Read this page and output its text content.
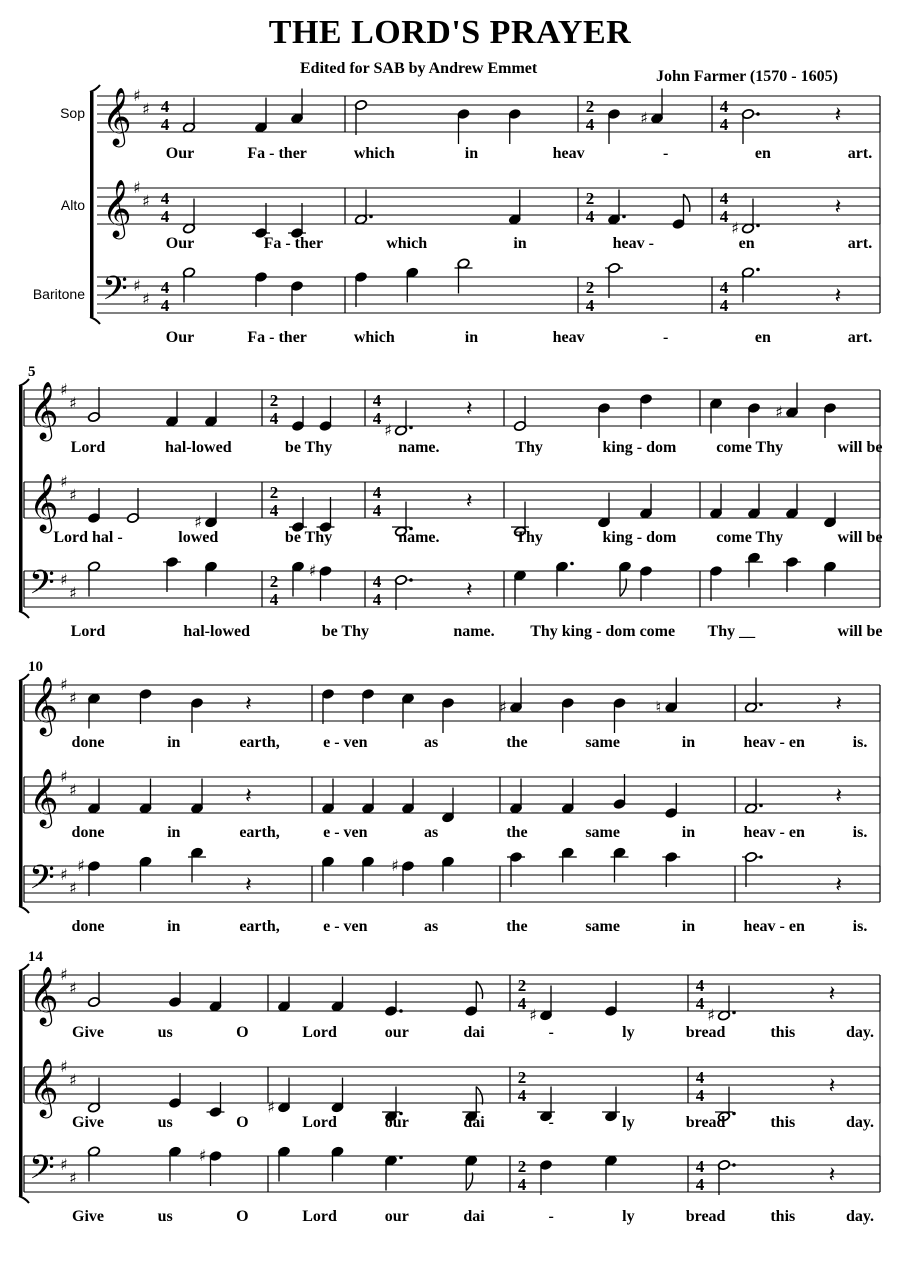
THE LORD'S PRAYER
Edited for SAB by Andrew Emmet	John Farmer (1570 - 1605)
Sop 𝄞 ♯
♯ 4
4
2
4	♯
4
4	𝄽
Our	Fa - ther	which	in	heav	-	en	art.
Alto 𝄞 ♯
♯ 4
4
2
4
4
4
♯
𝄽
Our	Fa - ther	which	in	heav -	en	art.
Baritone 𝄢 ♯
♯
4
4
2
4
4
4	𝄽
Our	Fa - ther	which	in	heav	-	en	art.
5
𝄞 ♯
♯	2
4
4
4
♯
𝄽	♯
Lord	hal-lowed	be Thy	name.	Thy	king - dom come Thy	will be
𝄞 ♯
♯
♯
2
4
4
4	𝄽
Lord hal -	lowed	be Thy	name.	Thy	king - dom come Thy	will be
𝄢 ♯
♯
2
4
♯
4
4	𝄽
Lord	hal-lowed	be Thy	name. Thy king - dom come Thy __	will be
10
𝄞 ♯
♯	𝄽	♯	♮	𝄽
done	in	earth,	e - ven	as	the	same	in	heav - en	is.
𝄞 ♯
♯	𝄽	𝄽
done	in	earth,	e - ven	as	the	same	in	heav - en	is.
𝄢 ♯
♯
♯
𝄽
♯
𝄽
done	in	earth,	e - ven	as	the	same	in	heav - en	is.
14
𝄞 ♯
♯	2
4
♯
4
4
♯
𝄽
Give	us	O	Lord	our	dai	-	ly	bread	this	day.
𝄞 ♯
♯
♯
2
4
4
4	𝄽
Give	us	O	Lord	our	dai	-	ly	bread	this	day.
𝄢 ♯
♯
♯
2
4
4
4	𝄽
Give	us	O	Lord	our	dai	-	ly	bread	this	day.
